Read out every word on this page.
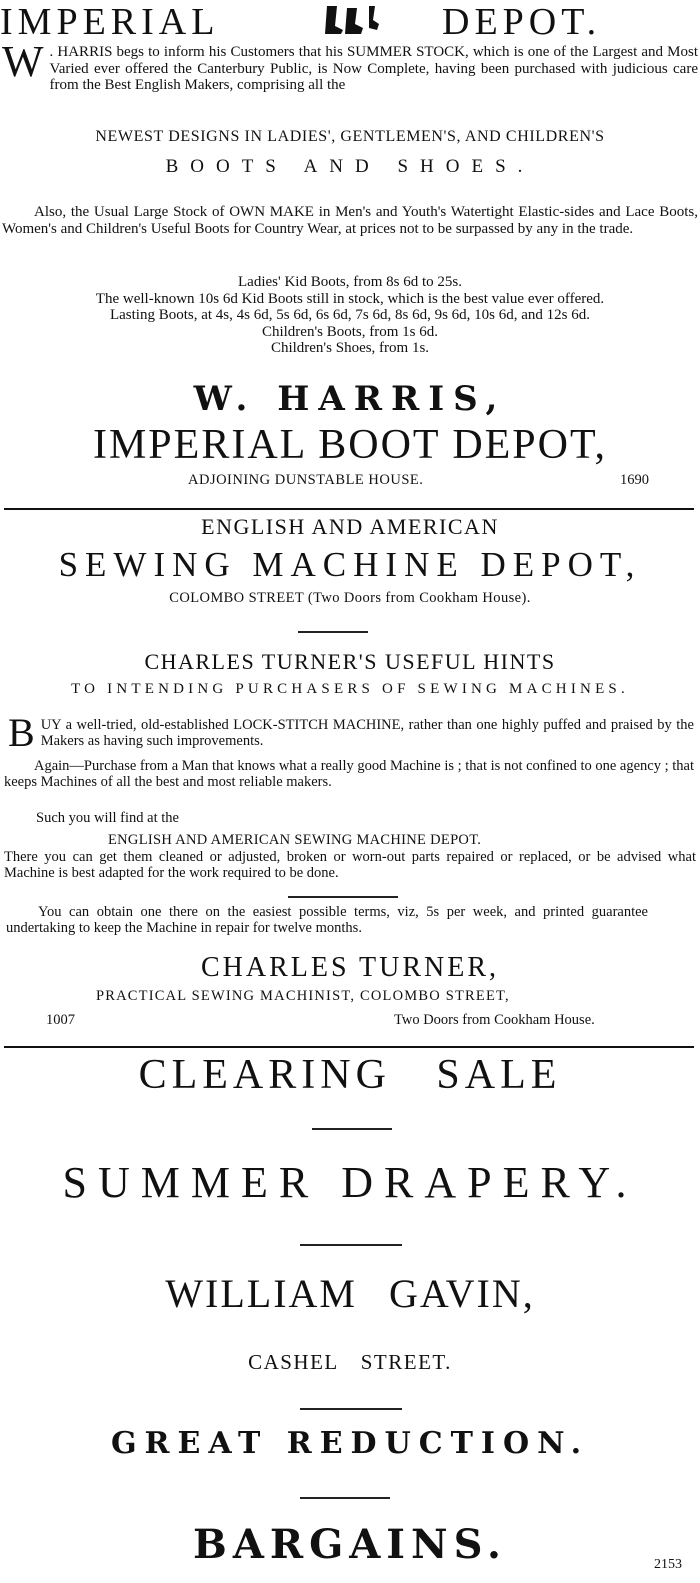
IMPERIAL	DEPOT.
W . HARRIS begs to inform his Customers that his SUMMER STOCK, which is one of the Largest and Most Varied ever offered the Canterbury Public, is Now Complete, having been purchased with judicious care from the Best English Makers, comprising all the
NEWEST DESIGNS IN LADIES', GENTLEMEN'S, AND CHILDREN'S
BOOTS AND SHOES.
Also, the Usual Large Stock of OWN MAKE in Men's and Youth's Watertight Elastic-sides and Lace Boots, Women's and Children's Useful Boots for Country Wear, at prices not to be surpassed by any in the trade.
Ladies' Kid Boots, from 8s 6d to 25s.
The well-known 10s 6d Kid Boots still in stock, which is the best value ever offered.
Lasting Boots, at 4s, 4s 6d, 5s 6d, 6s 6d, 7s 6d, 8s 6d, 9s 6d, 10s 6d, and 12s 6d.
Children's Boots, from 1s 6d.
Children's Shoes, from 1s.
W. HARRIS,
IMPERIAL BOOT DEPOT,
ADJOINING DUNSTABLE HOUSE.	1690
ENGLISH AND AMERICAN
SEWING MACHINE DEPOT,
COLOMBO STREET (Two Doors from Cookham House).
CHARLES TURNER'S USEFUL HINTS
TO INTENDING PURCHASERS OF SEWING MACHINES.
BUY a well-tried, old-established LOCK-STITCH MACHINE, rather than one highly puffed and praised by the Makers as having such improvements.
Again—Purchase from a Man that knows what a really good Machine is ; that is not confined to one agency ; that keeps Machines of all the best and most reliable makers.
Such you will find at the
ENGLISH AND AMERICAN SEWING MACHINE DEPOT.
There you can get them cleaned or adjusted, broken or worn-out parts repaired or replaced, or be advised what Machine is best adapted for the work required to be done.
You can obtain one there on the easiest possible terms, viz, 5s per week, and printed guarantee undertaking to keep the Machine in repair for twelve months.
CHARLES TURNER,
PRACTICAL SEWING MACHINIST, COLOMBO STREET,
1007	Two Doors from Cookham House.
CLEARING SALE
SUMMER DRAPERY.
WILLIAM GAVIN,
CASHEL STREET.
GREAT REDUCTION.
BARGAINS.	2153
